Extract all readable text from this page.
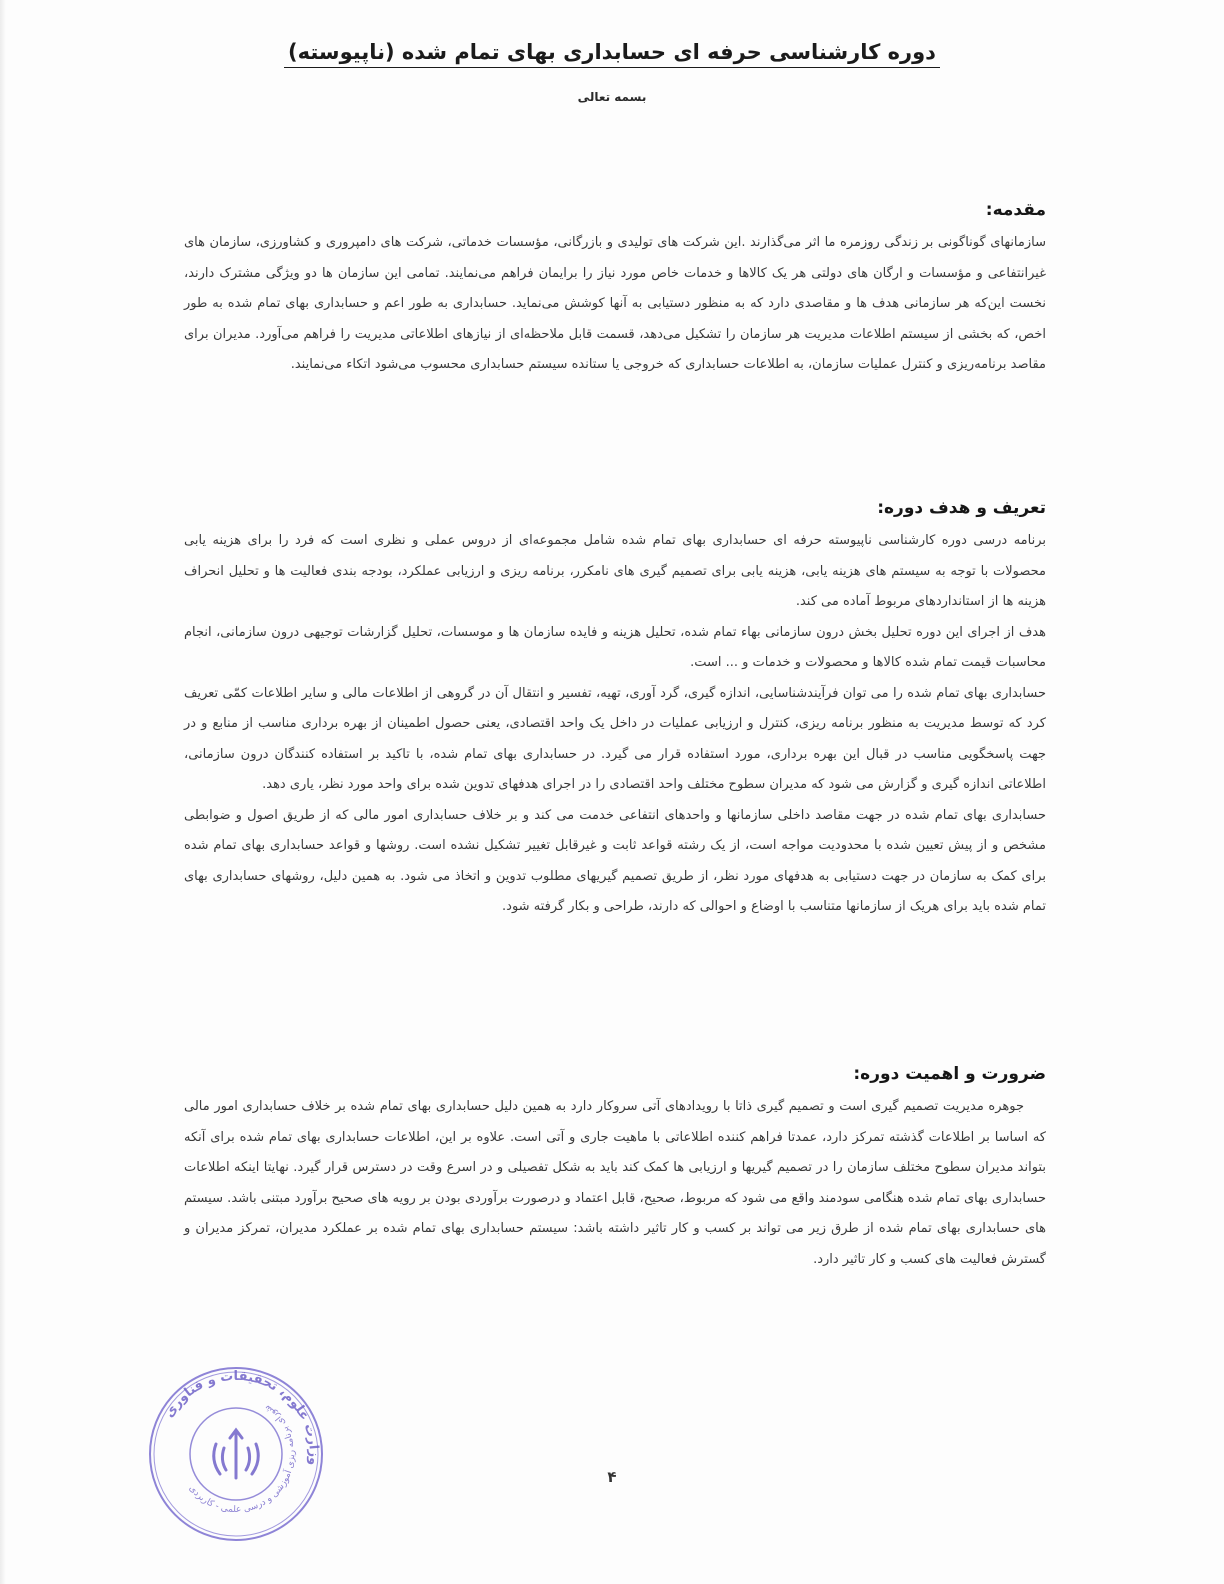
دوره کارشناسی حرفه ای حسابداری بهای تمام شده (ناپیوسته)
بسمه تعالی
مقدمه:

سازمانهای گوناگونی بر زندگی روزمره ما اثر می‌گذارند .این شرکت های تولیدی و بازرگانی، مؤسسات خدماتی، شرکت های دامپروری و کشاورزی، سازمان های غیرانتفاعی و مؤسسات و ارگان های دولتی هر یک کالاها و خدمات خاص مورد نیاز را برایمان فراهم می‌نمایند. تمامی این سازمان ها دو ویژگی مشترک دارند، نخست این‌که هر سازمانی هدف ها و مقاصدی دارد که به منظور دستیابی به آنها کوشش می‌نماید. حسابداری به طور اعم و حسابداری بهای تمام شده به طور اخص، که بخشی از سیستم اطلاعات مدیریت هر سازمان را تشکیل می‌دهد، قسمت قابل ملاحظه‌ای از نیازهای اطلاعاتی مدیریت را فراهم می‌آورد. مدیران برای مقاصد برنامه‌ریزی و کنترل عملیات سازمان، به اطلاعات حسابداری که خروجی یا ستانده سیستم حسابداری محسوب می‌شود اتکاء می‌نمایند.

تعریف و هدف دوره:

برنامه درسی دوره کارشناسی ناپیوسته حرفه ای حسابداری بهای تمام شده شامل مجموعه‌ای از دروس عملی و نظری است که فرد را برای هزینه یابی محصولات با توجه به سیستم های هزینه یابی، هزینه یابی برای تصمیم گیری های نامکرر، برنامه ریزی و ارزیابی عملکرد، بودجه بندی فعالیت ها و تحلیل انحراف هزینه ها از استانداردهای مربوط آماده می کند.

هدف از اجرای این دوره تحلیل بخش درون سازمانی بهاء تمام شده، تحلیل هزینه و فایده سازمان ها و موسسات، تحلیل گزارشات توجیهی درون سازمانی، انجام محاسبات قیمت تمام شده کالاها و محصولات و خدمات و ... است.

حسابداری بهای تمام شده را می توان فرآیندشناسایی، اندازه گیری، گرد آوری، تهیه، تفسیر و انتقال آن در گروهی از اطلاعات مالی و سایر اطلاعات کمّی تعریف کرد که توسط مدیریت به منظور برنامه ریزی، کنترل و ارزیابی عملیات در داخل یک واحد اقتصادی، یعنی حصول اطمینان از بهره برداری مناسب از منابع و در جهت پاسخگویی مناسب در قبال این بهره برداری، مورد استفاده قرار می گیرد. در حسابداری بهای تمام شده، با تاکید بر استفاده کنندگان درون سازمانی، اطلاعاتی اندازه گیری و گزارش می شود که مدیران سطوح مختلف واحد اقتصادی را در اجرای هدفهای تدوین شده برای واحد مورد نظر، یاری دهد.

حسابداری بهای تمام شده در جهت مقاصد داخلی سازمانها و واحدهای انتفاعی خدمت می کند و بر خلاف حسابداری امور مالی که از طریق اصول و ضوابطی مشخص و از پیش تعیین شده با محدودیت مواجه است، از یک رشته قواعد ثابت و غیرقابل تغییر تشکیل نشده است. روشها و قواعد حسابداری بهای تمام شده برای کمک به سازمان در جهت دستیابی به هدفهای مورد نظر، از طریق تصمیم گیریهای مطلوب تدوین و اتخاذ می شود. به همین دلیل، روشهای حسابداری بهای تمام شده باید برای هریک از سازمانها متناسب با اوضاع و احوالی که دارند، طراحی و بکار گرفته شود.

ضرورت و اهمیت دوره:

جوهره مدیریت تصمیم گیری است و تصمیم گیری ذاتا با رویدادهای آتی سروکار دارد به همین دلیل حسابداری بهای تمام شده بر خلاف حسابداری امور مالی که اساسا بر اطلاعات گذشته تمرکز دارد، عمدتا فراهم کننده اطلاعاتی با ماهیت جاری و آتی است. علاوه بر این، اطلاعات حسابداری بهای تمام شده برای آنکه بتواند مدیران سطوح مختلف سازمان را در تصمیم گیریها و ارزیابی ها کمک کند باید به شکل تفصیلی و در اسرع وقت در دسترس قرار گیرد. نهایتا اینکه اطلاعات حسابداری بهای تمام شده هنگامی سودمند واقع می شود که مربوط، صحیح، قابل اعتماد و درصورت برآوردی بودن بر رویه های صحیح برآورد مبتنی باشد. سیستم های حسابداری بهای تمام شده از طرق زیر می تواند بر کسب و کار تاثیر داشته باشد: سیستم حسابداری بهای تمام شده بر عملکرد مدیران، تمرکز مدیران و گسترش فعالیت های کسب و کار تاثیر دارد.

وزارت علوم، تحقیقات و فناوری
شورای برنامه ریزی آموزشی و درسی علمی - کاربردی
۴
